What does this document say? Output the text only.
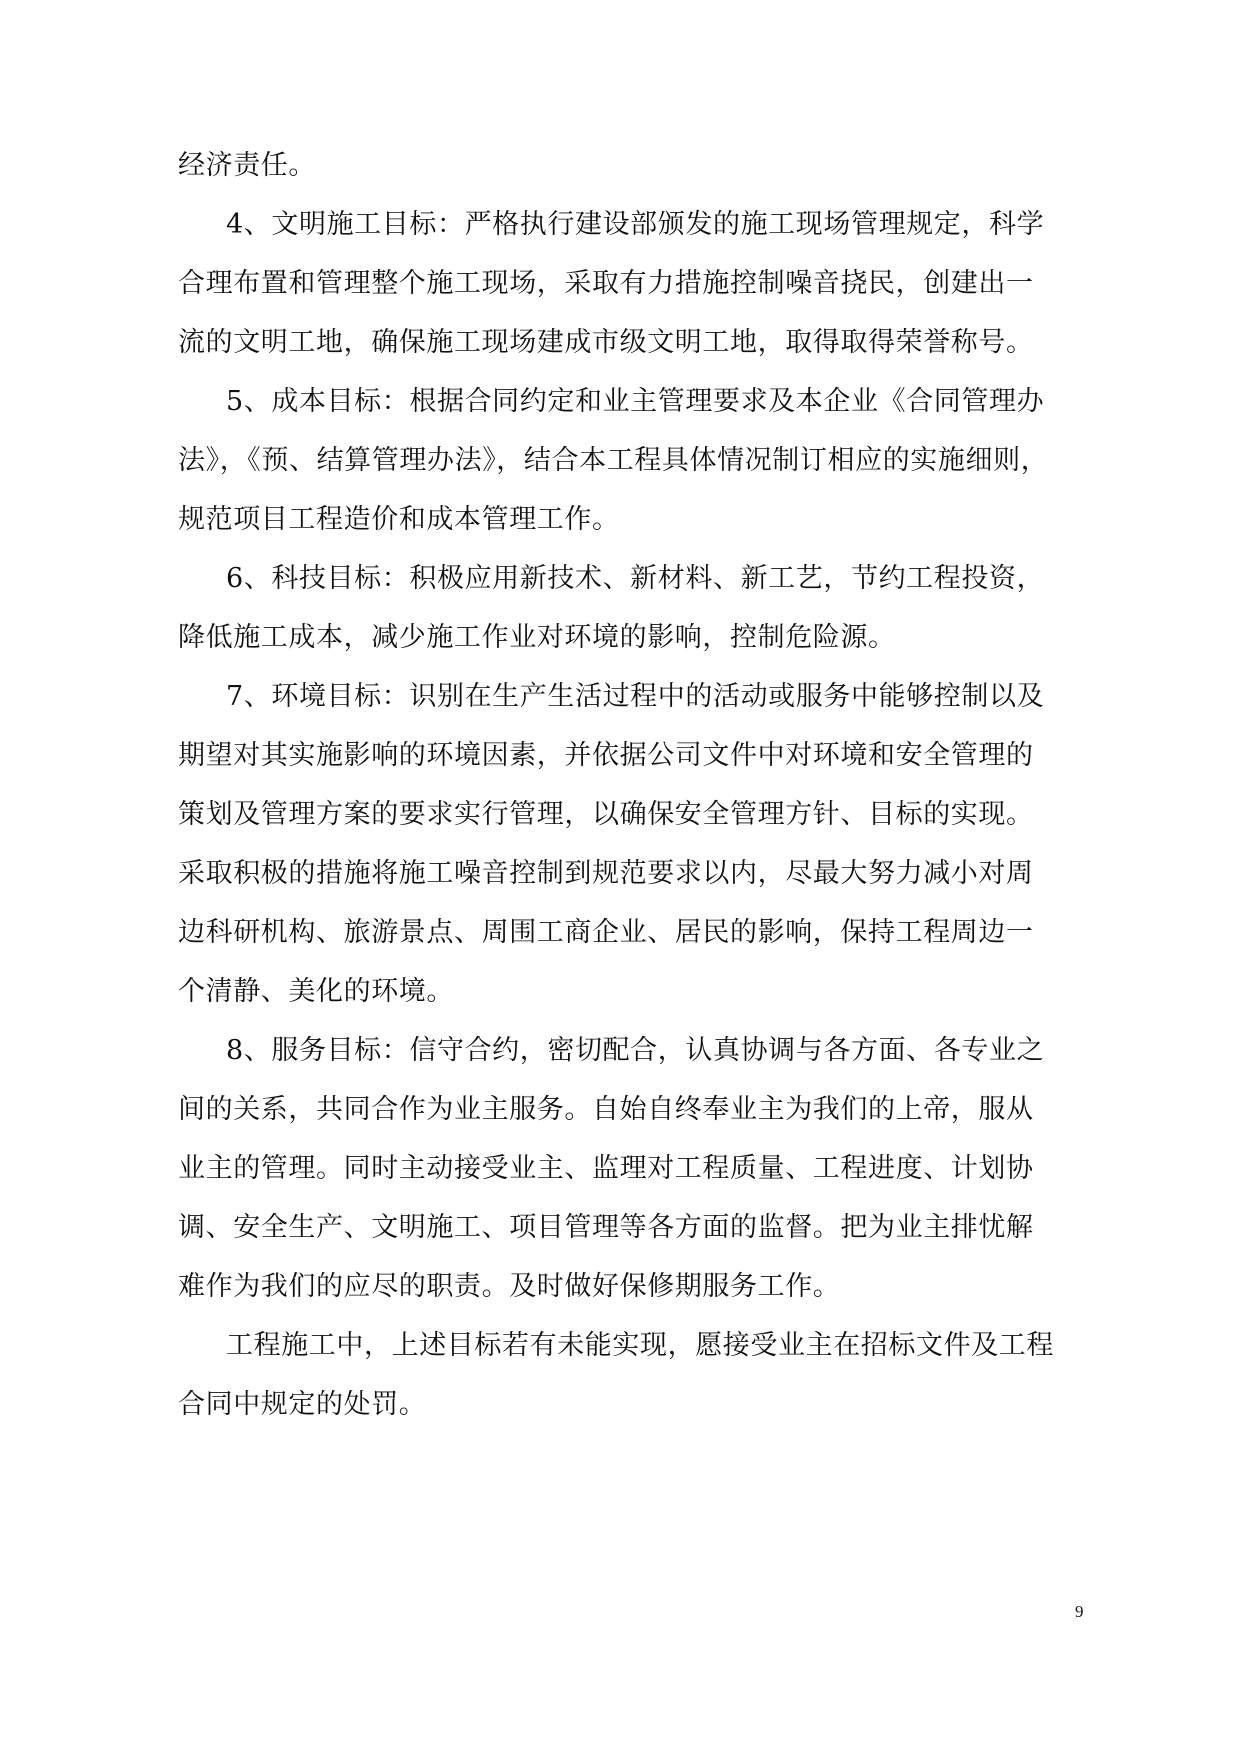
经济责任。
4、文明施工目标：严格执行建设部颁发的施工现场管理规定，科学
合理布置和管理整个施工现场，采取有力措施控制噪音挠民，创建出一
流的文明工地，确保施工现场建成市级文明工地，取得取得荣誉称号。
5、成本目标：根据合同约定和业主管理要求及本企业《合同管理办
法》，《预、结算管理办法》，结合本工程具体情况制订相应的实施细则，
规范项目工程造价和成本管理工作。
6、科技目标：积极应用新技术、新材料、新工艺，节约工程投资，
降低施工成本，减少施工作业对环境的影响，控制危险源。
7、环境目标：识别在生产生活过程中的活动或服务中能够控制以及
期望对其实施影响的环境因素，并依据公司文件中对环境和安全管理的
策划及管理方案的要求实行管理，以确保安全管理方针、目标的实现。
采取积极的措施将施工噪音控制到规范要求以内，尽最大努力减小对周
边科研机构、旅游景点、周围工商企业、居民的影响，保持工程周边一
个清静、美化的环境。
8、服务目标：信守合约，密切配合，认真协调与各方面、各专业之
间的关系，共同合作为业主服务。自始自终奉业主为我们的上帝，服从
业主的管理。同时主动接受业主、监理对工程质量、工程进度、计划协
调、安全生产、文明施工、项目管理等各方面的监督。把为业主排忧解
难作为我们的应尽的职责。及时做好保修期服务工作。
工程施工中，上述目标若有未能实现，愿接受业主在招标文件及工程
合同中规定的处罚。
9
